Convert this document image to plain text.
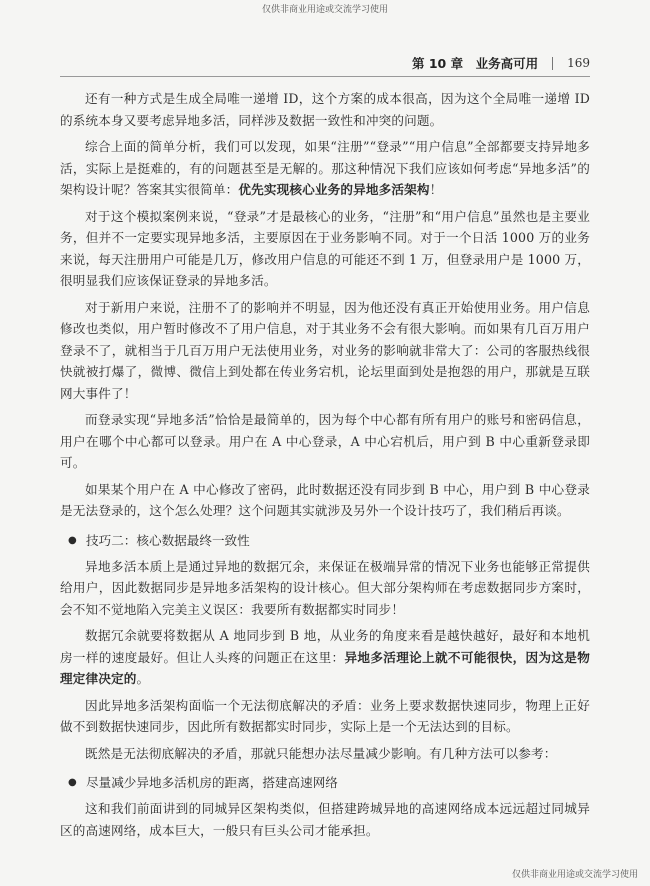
仅供非商业用途或交流学习使用
第 10 章　业务高可用 169

还有一种方式是生成全局唯一递增 ID，这个方案的成本很高，因为这个全局唯一递增 ID 的系统本身又要考虑异地多活，同样涉及数据一致性和冲突的问题。

综合上面的简单分析，我们可以发现，如果“注册”“登录”“用户信息”全部都要支持异地多活，实际上是挺难的，有的问题甚至是无解的。那这种情况下我们应该如何考虑“异地多活”的架构设计呢？答案其实很简单：优先实现核心业务的异地多活架构！

对于这个模拟案例来说，“登录”才是最核心的业务，“注册”和“用户信息”虽然也是主要业务，但并不一定要实现异地多活，主要原因在于业务影响不同。对于一个日活 1000 万的业务来说，每天注册用户可能是几万，修改用户信息的可能还不到 1 万，但登录用户是 1000 万，很明显我们应该保证登录的异地多活。

对于新用户来说，注册不了的影响并不明显，因为他还没有真正开始使用业务。用户信息修改也类似，用户暂时修改不了用户信息，对于其业务不会有很大影响。而如果有几百万用户登录不了，就相当于几百万用户无法使用业务，对业务的影响就非常大了：公司的客服热线很快就被打爆了，微博、微信上到处都在传业务宕机，论坛里面到处是抱怨的用户，那就是互联网大事件了！

而登录实现“异地多活”恰恰是最简单的，因为每个中心都有所有用户的账号和密码信息，用户在哪个中心都可以登录。用户在 A 中心登录，A 中心宕机后，用户到 B 中心重新登录即可。

如果某个用户在 A 中心修改了密码，此时数据还没有同步到 B 中心，用户到 B 中心登录是无法登录的，这个怎么处理？这个问题其实就涉及另外一个设计技巧了，我们稍后再谈。

● 技巧二：核心数据最终一致性

异地多活本质上是通过异地的数据冗余，来保证在极端异常的情况下业务也能够正常提供给用户，因此数据同步是异地多活架构的设计核心。但大部分架构师在考虑数据同步方案时，会不知不觉地陷入完美主义误区：我要所有数据都实时同步！

数据冗余就要将数据从 A 地同步到 B 地，从业务的角度来看是越快越好，最好和本地机房一样的速度最好。但让人头疼的问题正在这里：异地多活理论上就不可能很快，因为这是物理定律决定的。

因此异地多活架构面临一个无法彻底解决的矛盾：业务上要求数据快速同步，物理上正好做不到数据快速同步，因此所有数据都实时同步，实际上是一个无法达到的目标。

既然是无法彻底解决的矛盾，那就只能想办法尽量减少影响。有几种方法可以参考：

● 尽量减少异地多活机房的距离，搭建高速网络

这和我们前面讲到的同城异区架构类似，但搭建跨城异地的高速网络成本远远超过同城异区的高速网络，成本巨大，一般只有巨头公司才能承担。

仅供非商业用途或交流学习使用
